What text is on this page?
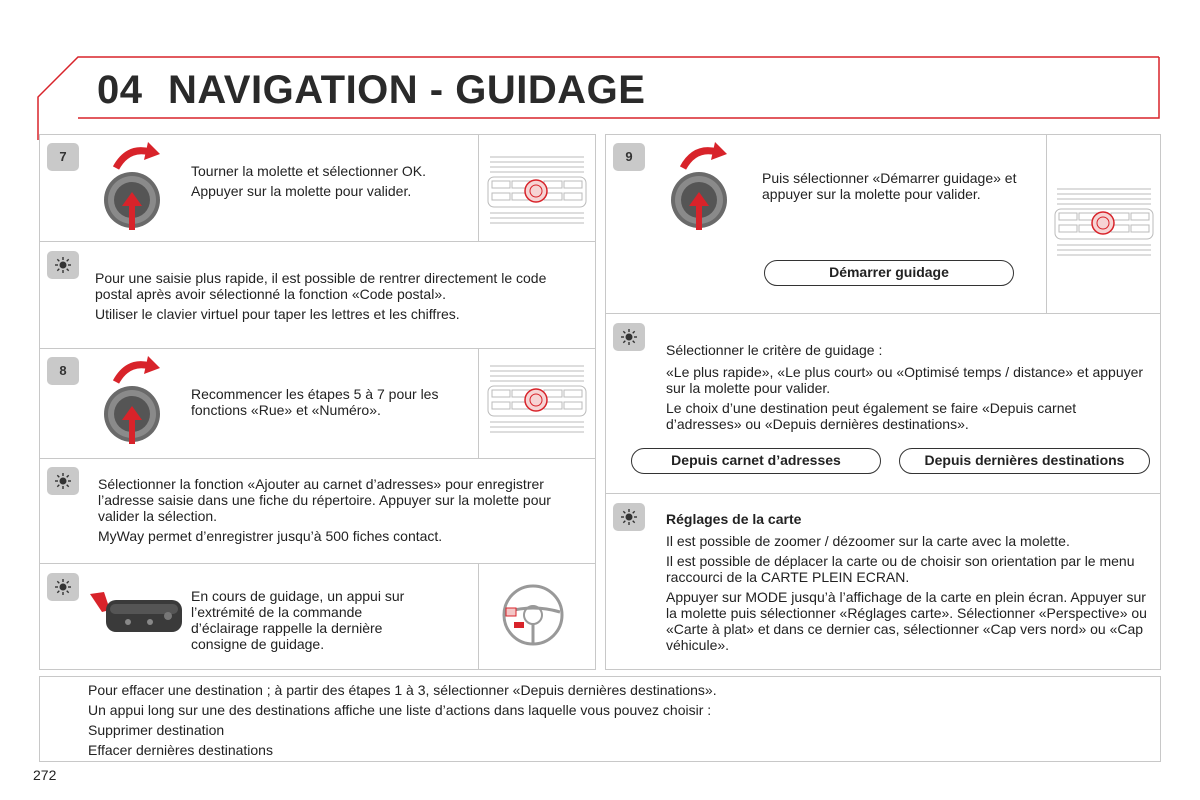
04 NAVIGATION - GUIDAGE
7

Tourner la molette et sélectionner OK.

Appuyer sur la molette pour valider.

Pour une saisie plus rapide, il est possible de rentrer directement le code postal après avoir sélectionné la fonction «Code postal».

Utiliser le clavier virtuel pour taper les lettres et les chiffres.

8

Recommencer les étapes 5 à 7 pour les fonctions «Rue» et «Numéro».

Sélectionner la fonction «Ajouter au carnet d’adresses» pour enregistrer l’adresse saisie dans une fiche du répertoire. Appuyer sur la molette pour valider la sélection.

MyWay permet d’enregistrer jusqu’à 500 fiches contact.

En cours de guidage, un appui sur l’extrémité de la commande d’éclairage rappelle la dernière consigne de guidage.

9

Puis sélectionner «Démarrer guidage» et appuyer sur la molette pour valider.

Démarrer guidage

Sélectionner le critère de guidage :

«Le plus rapide», «Le plus court» ou «Optimisé temps / distance» et appuyer sur la molette pour valider.

Le choix d’une destination peut également se faire «Depuis carnet d’adresses» ou «Depuis dernières destinations».

Depuis carnet d’adresses	Depuis dernières destinations

Réglages de la carte

Il est possible de zoomer / dézoomer sur la carte avec la molette.

Il est possible de déplacer la carte ou de choisir son orientation par le menu raccourci de la CARTE PLEIN ECRAN.

Appuyer sur MODE jusqu’à l’affichage de la carte en plein écran. Appuyer sur la molette puis sélectionner «Réglages carte». Sélectionner «Perspective» ou «Carte à plat» et dans ce dernier cas, sélectionner «Cap vers nord» ou «Cap véhicule».

Pour effacer une destination ; à partir des étapes 1 à 3, sélectionner «Depuis dernières destinations».

Un appui long sur une des destinations affiche une liste d’actions dans laquelle vous pouvez choisir :

Supprimer destination

Effacer dernières destinations

272
